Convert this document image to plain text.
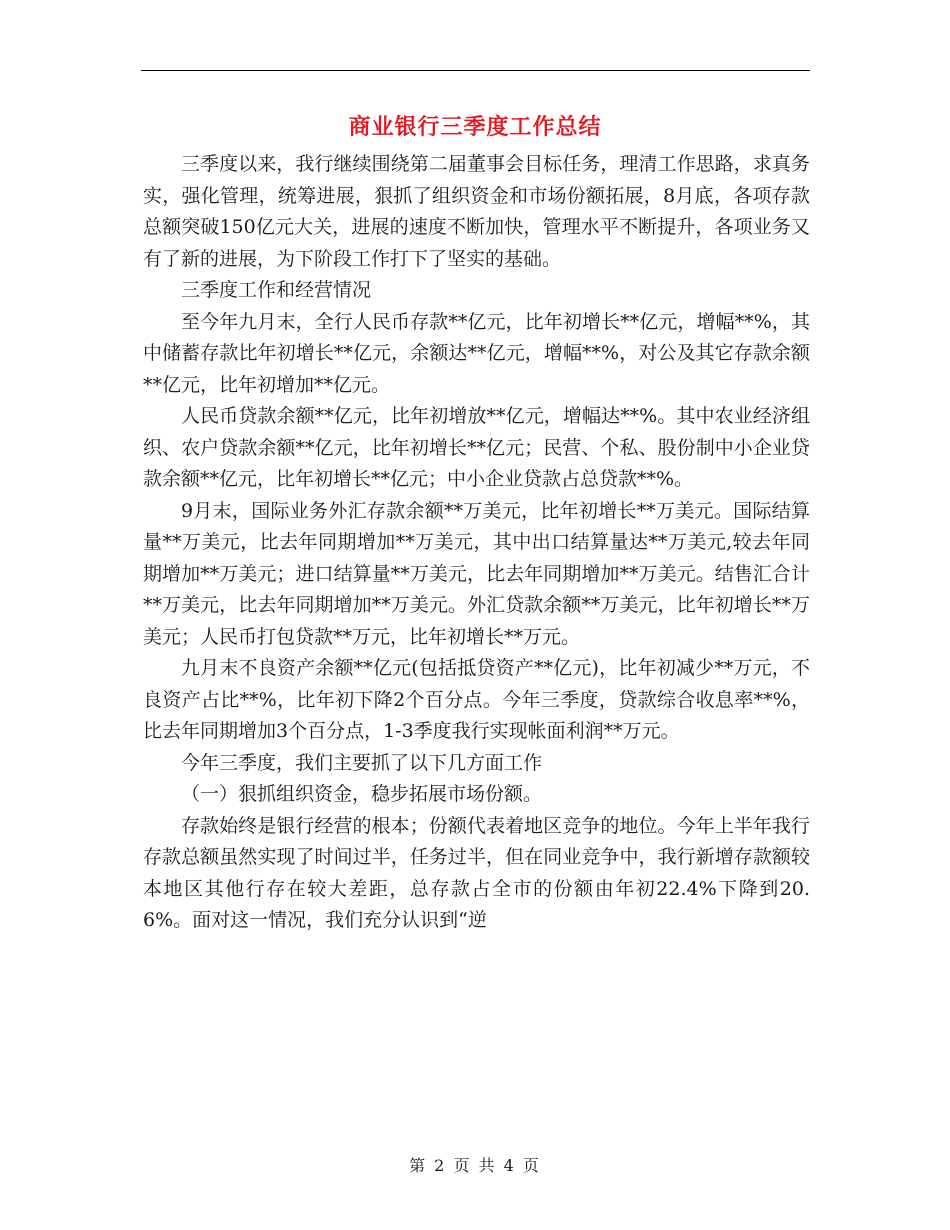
商业银行三季度工作总结

三季度以来，我行继续围绕第二届董事会目标任务，理清工作思路，求真务实，强化管理，统筹进展，狠抓了组织资金和市场份额拓展，8月底，各项存款总额突破150亿元大关，进展的速度不断加快，管理水平不断提升，各项业务又有了新的进展，为下阶段工作打下了坚实的基础。

三季度工作和经营情况

至今年九月末，全行人民币存款**亿元，比年初增长**亿元，增幅**%，其中储蓄存款比年初增长**亿元，余额达**亿元，增幅**%，对公及其它存款余额**亿元，比年初增加**亿元。

人民币贷款余额**亿元，比年初增放**亿元，增幅达**%。其中农业经济组织、农户贷款余额**亿元，比年初增长**亿元；民营、个私、股份制中小企业贷款余额**亿元，比年初增长**亿元；中小企业贷款占总贷款**%。

9月末，国际业务外汇存款余额**万美元，比年初增长**万美元。国际结算量**万美元，比去年同期增加**万美元，其中出口结算量达**万美元,较去年同期增加**万美元；进口结算量**万美元，比去年同期增加**万美元。结售汇合计**万美元，比去年同期增加**万美元。外汇贷款余额**万美元，比年初增长**万美元；人民币打包贷款**万元，比年初增长**万元。

九月末不良资产余额**亿元(包括抵贷资产**亿元)，比年初减少**万元，不良资产占比**%，比年初下降2个百分点。今年三季度，贷款综合收息率**%，比去年同期增加3个百分点，1-3季度我行实现帐面利润**万元。

今年三季度，我们主要抓了以下几方面工作

（一）狠抓组织资金，稳步拓展市场份额。

存款始终是银行经营的根本；份额代表着地区竞争的地位。今年上半年我行存款总额虽然实现了时间过半，任务过半，但在同业竞争中，我行新增存款额较本地区其他行存在较大差距，总存款占全市的份额由年初22.4%下降到20.6%。面对这一情况，我们充分认识到“逆

第 2 页 共 4 页
